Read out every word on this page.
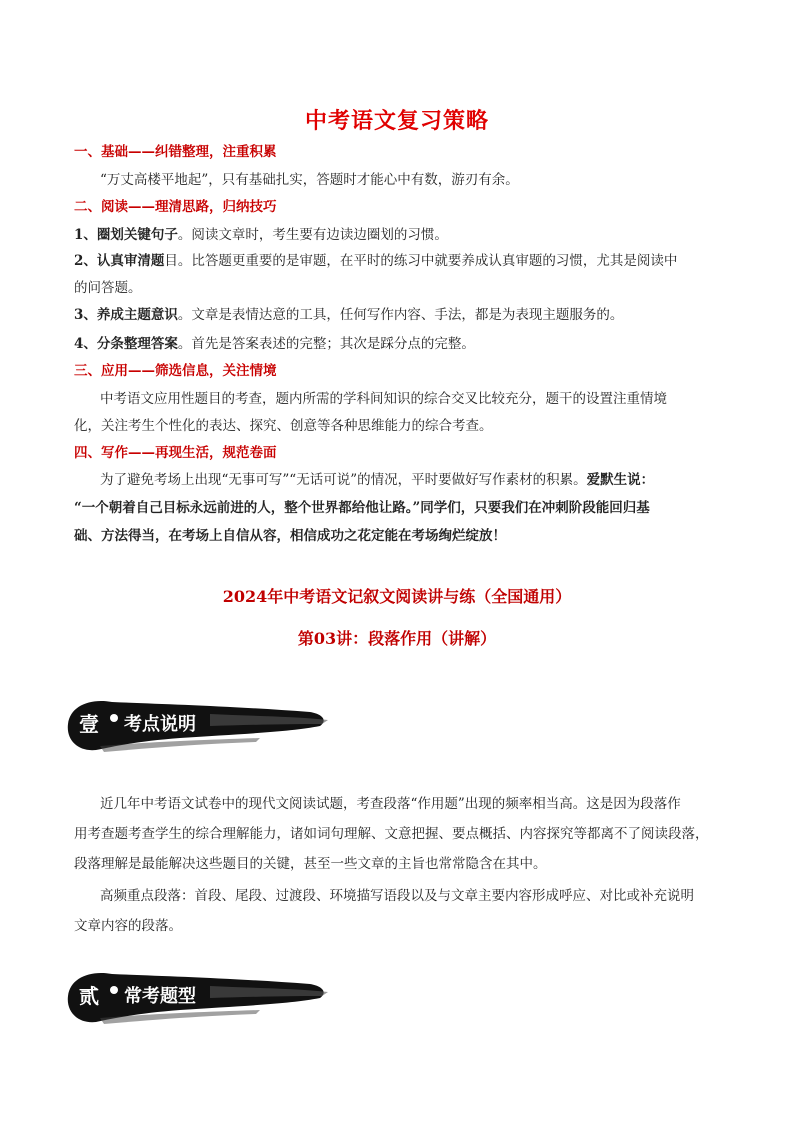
中考语文复习策略
一、基础——纠错整理，注重积累
“万丈高楼平地起”，只有基础扎实，答题时才能心中有数，游刃有余。
二、阅读——理清思路，归纳技巧
1、圈划关键句子。阅读文章时，考生要有边读边圈划的习惯。
2、认真审清题目。比答题更重要的是审题，在平时的练习中就要养成认真审题的习惯，尤其是阅读中
的问答题。
3、养成主题意识。文章是表情达意的工具，任何写作内容、手法，都是为表现主题服务的。
4、分条整理答案。首先是答案表述的完整；其次是踩分点的完整。
三、应用——筛选信息，关注情境
中考语文应用性题目的考查，题内所需的学科间知识的综合交叉比较充分，题干的设置注重情境
化，关注考生个性化的表达、探究、创意等各种思维能力的综合考查。
四、写作——再现生活，规范卷面
为了避免考场上出现“无事可写”“无话可说”的情况，平时要做好写作素材的积累。爱默生说：
“一个朝着自己目标永远前进的人，整个世界都给他让路。”同学们，只要我们在冲刺阶段能回归基
础、方法得当，在考场上自信从容，相信成功之花定能在考场绚烂绽放！
2024年中考语文记叙文阅读讲与练（全国通用）
第03讲：段落作用（讲解）
壹 考点说明
近几年中考语文试卷中的现代文阅读试题，考查段落“作用题”出现的频率相当高。这是因为段落作
用考查题考查学生的综合理解能力，诸如词句理解、文意把握、要点概括、内容探究等都离不了阅读段落，
段落理解是最能解决这些题目的关键，甚至一些文章的主旨也常常隐含在其中。
高频重点段落：首段、尾段、过渡段、环境描写语段以及与文章主要内容形成呼应、对比或补充说明
文章内容的段落。
贰 常考题型
